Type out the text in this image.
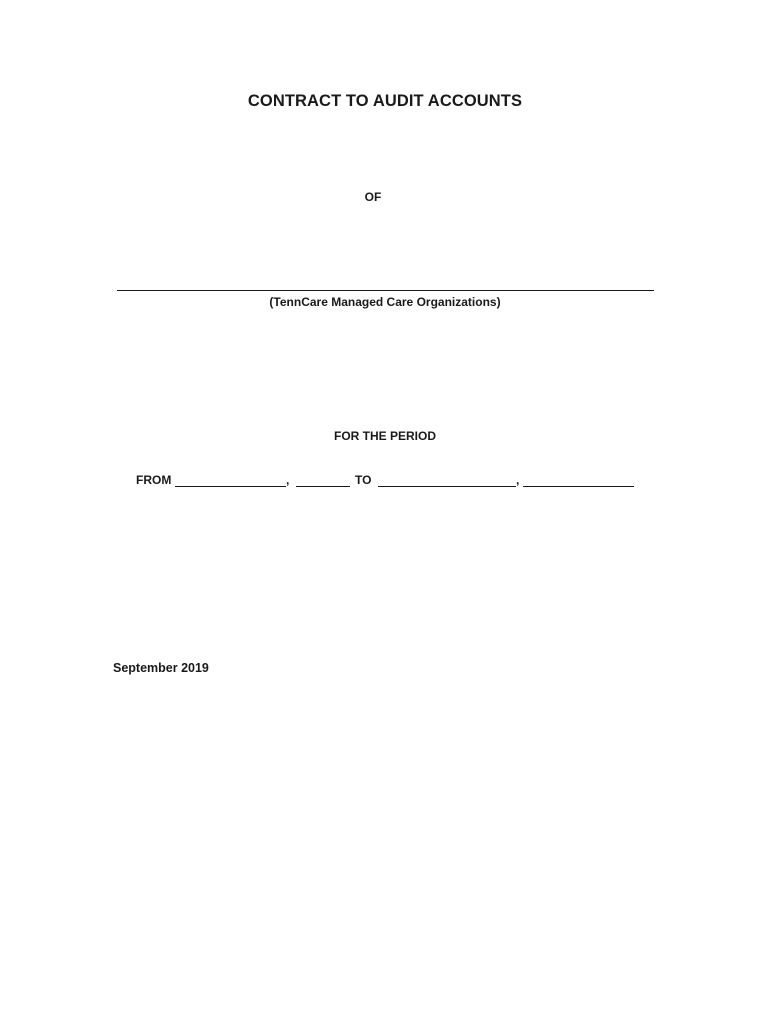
CONTRACT TO AUDIT ACCOUNTS
OF
(TennCare Managed Care Organizations)
FOR THE PERIOD
FROM	,	TO	,
September 2019
